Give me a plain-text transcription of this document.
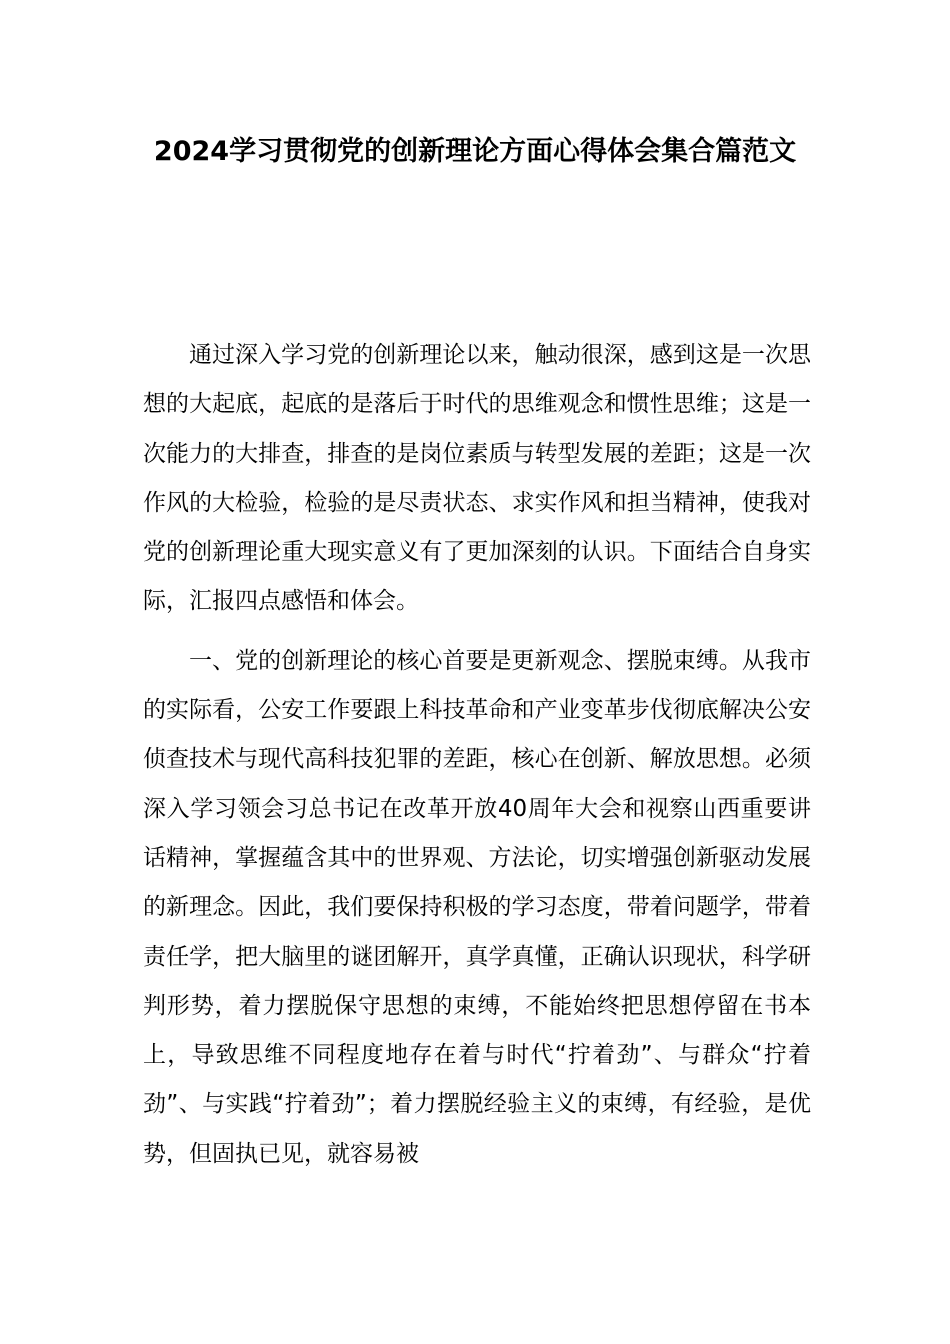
2024学习贯彻党的创新理论方面心得体会集合篇范文

通过深入学习党的创新理论以来，触动很深，感到这是一次思想的大起底，起底的是落后于时代的思维观念和惯性思维；这是一次能力的大排查，排查的是岗位素质与转型发展的差距；这是一次作风的大检验，检验的是尽责状态、求实作风和担当精神，使我对党的创新理论重大现实意义有了更加深刻的认识。下面结合自身实际，汇报四点感悟和体会。

一、党的创新理论的核心首要是更新观念、摆脱束缚。从我市的实际看，公安工作要跟上科技革命和产业变革步伐彻底解决公安侦查技术与现代高科技犯罪的差距，核心在创新、解放思想。必须深入学习领会习总书记在改革开放40周年大会和视察山西重要讲话精神，掌握蕴含其中的世界观、方法论，切实增强创新驱动发展的新理念。因此，我们要保持积极的学习态度，带着问题学，带着责任学，把大脑里的谜团解开，真学真懂，正确认识现状，科学研判形势，着力摆脱保守思想的束缚，不能始终把思想停留在书本上，导致思维不同程度地存在着与时代“拧着劲”、与群众“拧着劲”、与实践“拧着劲”；着力摆脱经验主义的束缚，有经验，是优势，但固执已见，就容易被
